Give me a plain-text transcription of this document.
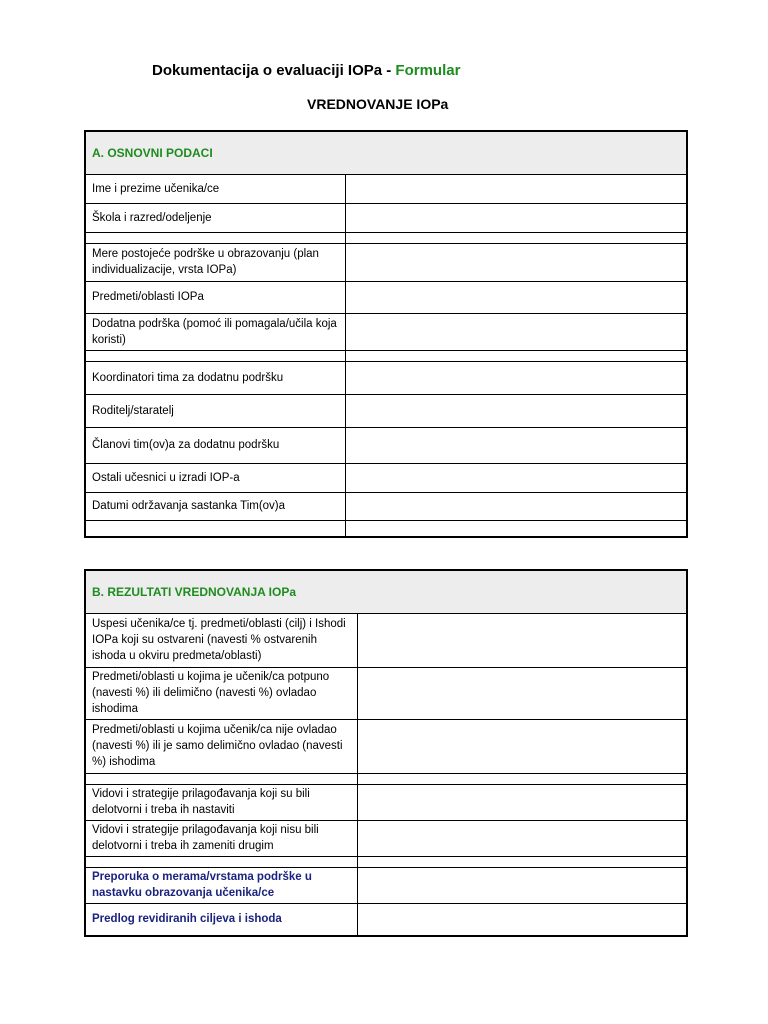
Dokumentacija o evaluaciji IOPa - Formular
VREDNOVANJE IOPa
A. OSNOVNI PODACI	
Ime i prezime učenika/ce	
Škola i razred/odeljenje	

Mere postojeće podrške u obrazovanju (plan individualizacije, vrsta IOPa)	
Predmeti/oblasti IOPa	
Dodatna podrška (pomoć ili pomagala/učila koja koristi)	

Koordinatori tima za dodatnu podršku	
Roditelj/staratelj	
Članovi tim(ov)a za dodatnu podršku	
Ostali učesnici u izradi IOP-a	
Datumi održavanja sastanka Tim(ov)a	

B. REZULTATI VREDNOVANJA IOPa	
Uspesi učenika/ce tj. predmeti/oblasti (cilj) i Ishodi IOPa koji su ostvareni (navesti % ostvarenih ishoda u okviru predmeta/oblasti)	
Predmeti/oblasti u kojima je učenik/ca potpuno (navesti %) ili delimično (navesti %) ovladao ishodima	
Predmeti/oblasti u kojima učenik/ca nije ovladao (navesti %) ili je samo delimično ovladao (navesti %) ishodima	

Vidovi i strategije prilagođavanja koji su bili delotvorni i treba ih nastaviti	
Vidovi i strategije prilagođavanja koji nisu bili delotvorni i treba ih zameniti drugim	

Preporuka o merama/vrstama podrške u nastavku obrazovanja učenika/ce	
Predlog revidiranih ciljeva i ishoda	
